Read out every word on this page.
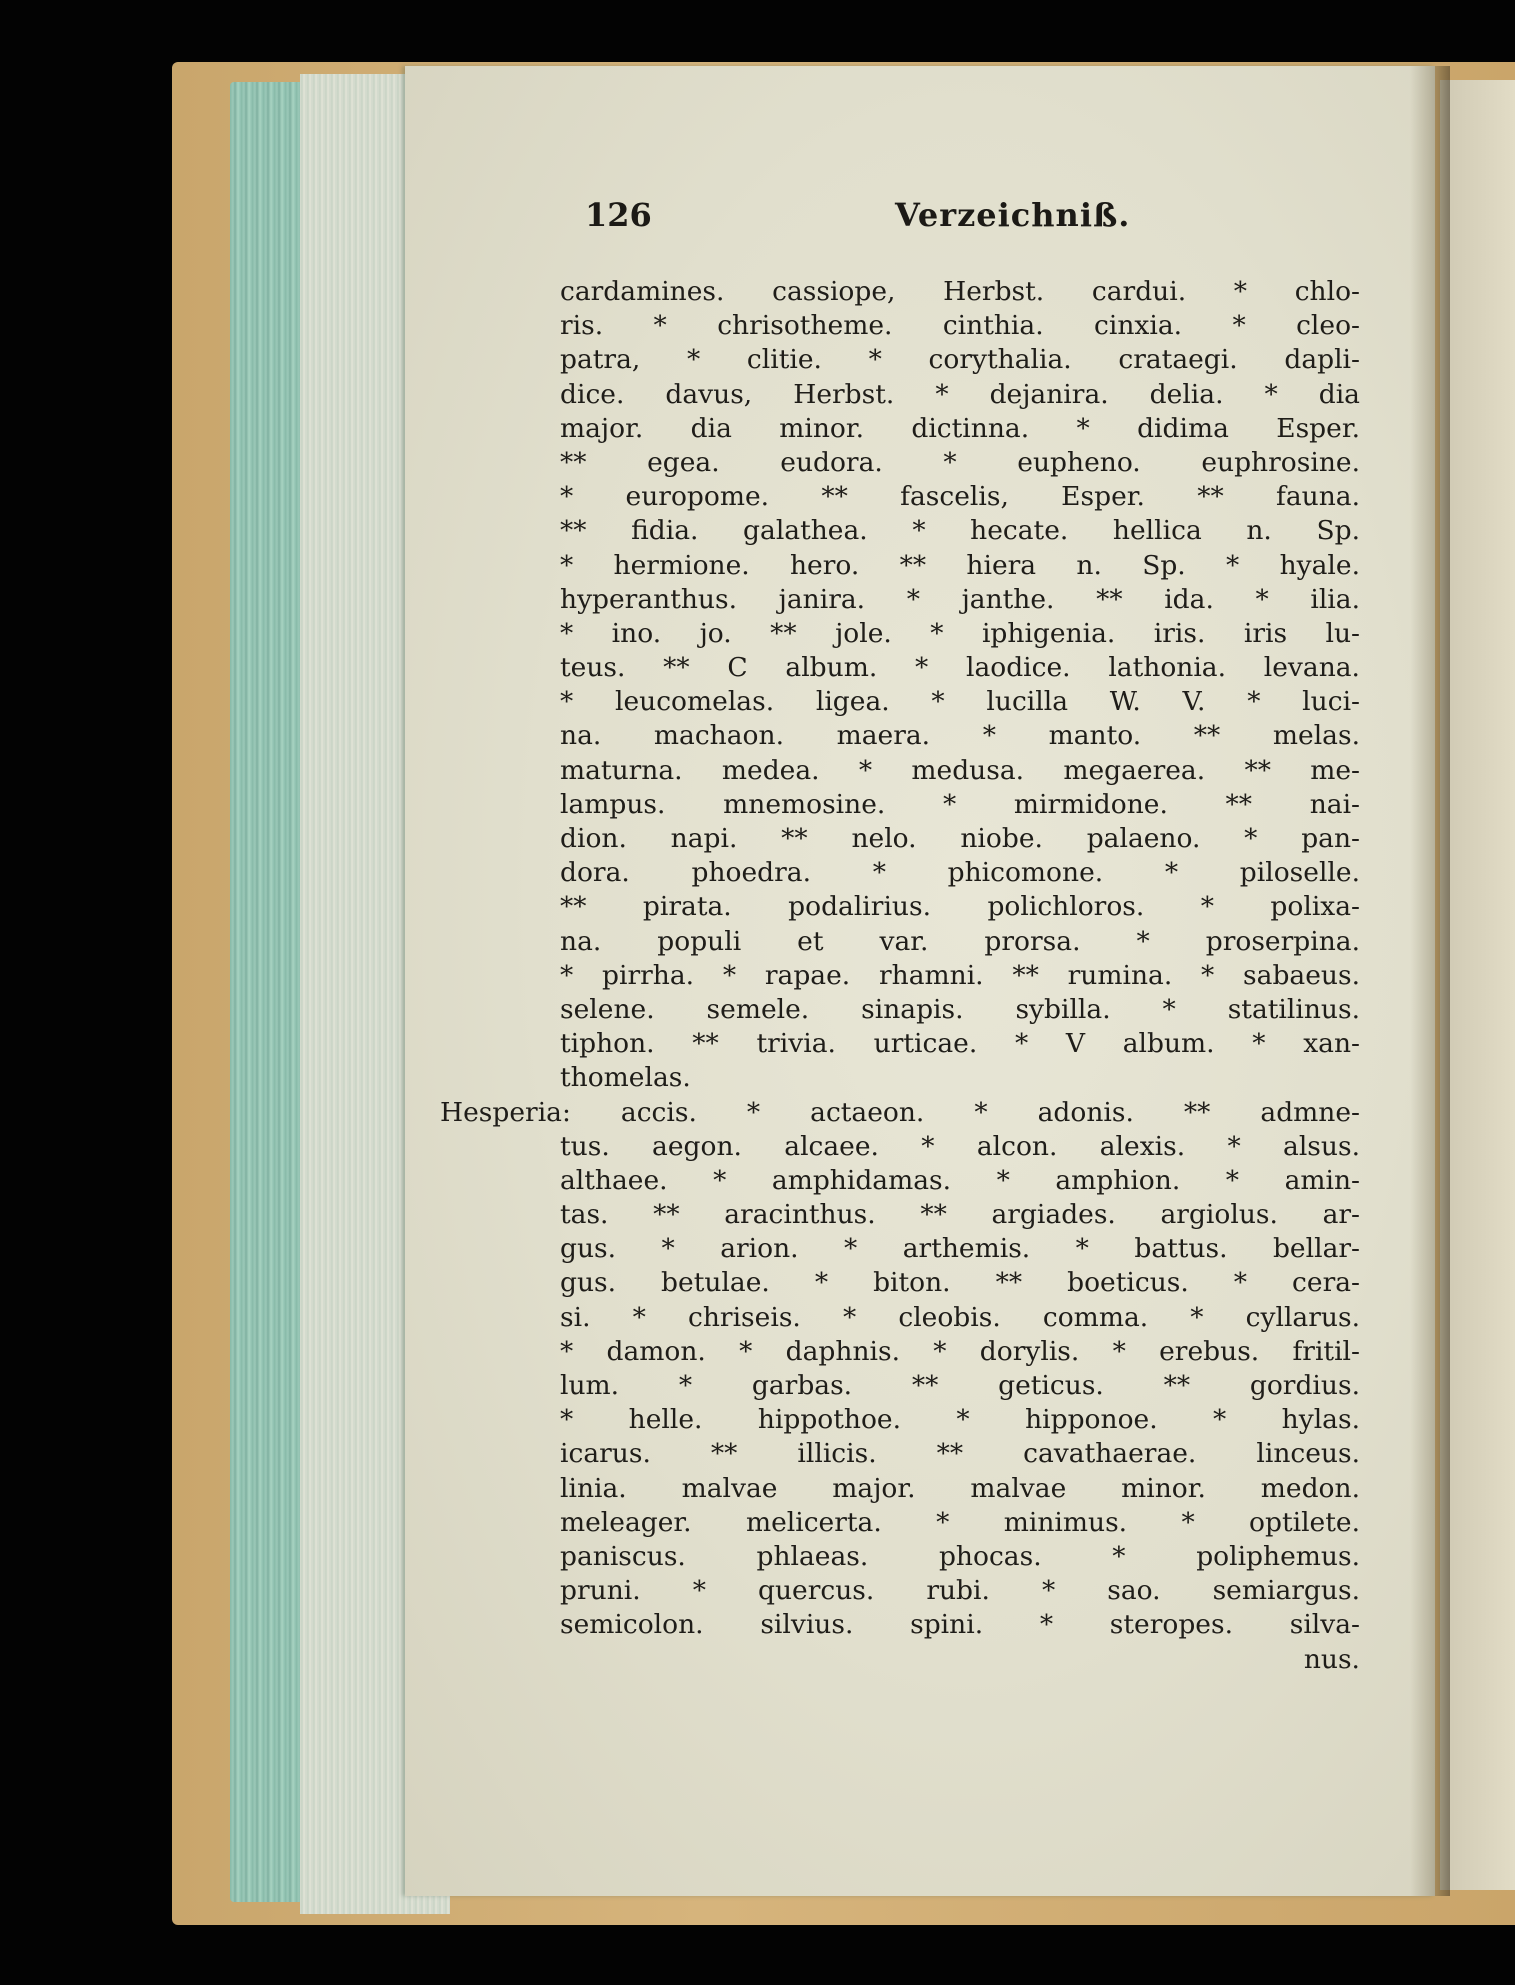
126	Verzeichniß.
cardamines. cassiope, Herbst. cardui. * chlo-
ris. * chrisotheme. cinthia. cinxia. * cleo-
patra, * clitie. * corythalia. crataegi. dapli-
dice. davus, Herbst. * dejanira. delia. * dia
major. dia minor. dictinna. * didima Esper.
** egea. eudora. * eupheno. euphrosine.
* europome. ** fascelis, Esper. ** fauna.
** fidia. galathea. * hecate. hellica n. Sp.
* hermione. hero. ** hiera n. Sp. * hyale.
hyperanthus. janira. * janthe. ** ida. * ilia.
* ino. jo. ** jole. * iphigenia. iris. iris lu-
teus. ** C album. * laodice. lathonia. levana.
* leucomelas. ligea. * lucilla W. V. * luci-
na. machaon. maera. * manto. ** melas.
maturna. medea. * medusa. megaerea. ** me-
lampus. mnemosine. * mirmidone. ** nai-
dion. napi. ** nelo. niobe. palaeno. * pan-
dora. phoedra. * phicomone. * piloselle.
** pirata. podalirius. polichloros. * polixa-
na. populi et var. prorsa. * proserpina.
* pirrha. * rapae. rhamni. ** rumina. * sabaeus.
selene. semele. sinapis. sybilla. * statilinus.
tiphon. ** trivia. urticae. * V album. * xan-
thomelas.
Hesperia: accis. * actaeon. * adonis. ** admne-
tus. aegon. alcaee. * alcon. alexis. * alsus.
althaee. * amphidamas. * amphion. * amin-
tas. ** aracinthus. ** argiades. argiolus. ar-
gus. * arion. * arthemis. * battus. bellar-
gus. betulae. * biton. ** boeticus. * cera-
si. * chriseis. * cleobis. comma. * cyllarus.
* damon. * daphnis. * dorylis. * erebus. fritil-
lum. * garbas. ** geticus. ** gordius.
* helle. hippothoe. * hipponoe. * hylas.
icarus. ** illicis. ** cavathaerae. linceus.
linia. malvae major. malvae minor. medon.
meleager. melicerta. * minimus. * optilete.
paniscus. phlaeas. phocas. * poliphemus.
pruni. * quercus. rubi. * sao. semiargus.
semicolon. silvius. spini. * steropes. silva-
nus.
